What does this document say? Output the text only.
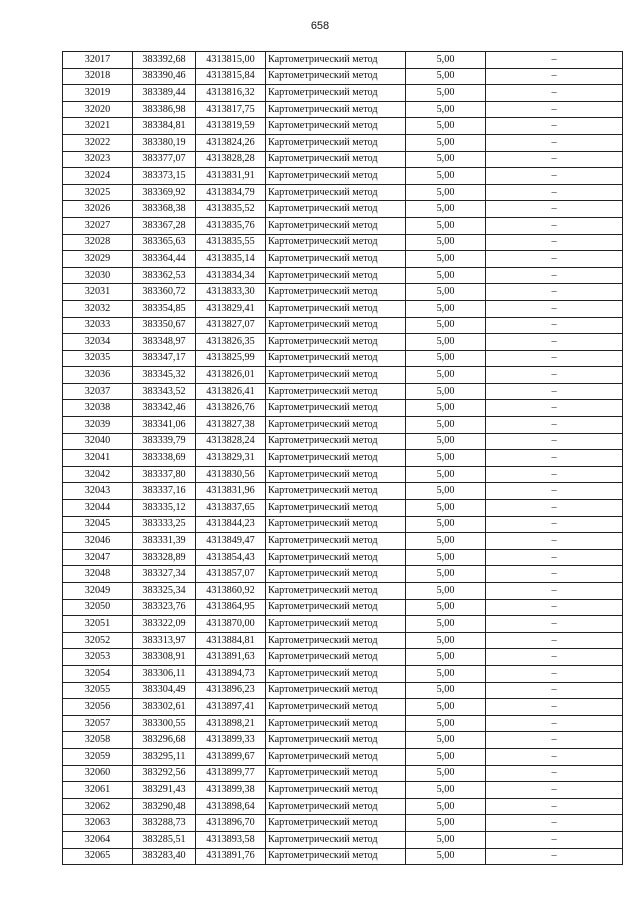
658
32017	383392,68	4313815,00	Картометрический метод	5,00	–
32018	383390,46	4313815,84	Картометрический метод	5,00	–
32019	383389,44	4313816,32	Картометрический метод	5,00	–
32020	383386,98	4313817,75	Картометрический метод	5,00	–
32021	383384,81	4313819,59	Картометрический метод	5,00	–
32022	383380,19	4313824,26	Картометрический метод	5,00	–
32023	383377,07	4313828,28	Картометрический метод	5,00	–
32024	383373,15	4313831,91	Картометрический метод	5,00	–
32025	383369,92	4313834,79	Картометрический метод	5,00	–
32026	383368,38	4313835,52	Картометрический метод	5,00	–
32027	383367,28	4313835,76	Картометрический метод	5,00	–
32028	383365,63	4313835,55	Картометрический метод	5,00	–
32029	383364,44	4313835,14	Картометрический метод	5,00	–
32030	383362,53	4313834,34	Картометрический метод	5,00	–
32031	383360,72	4313833,30	Картометрический метод	5,00	–
32032	383354,85	4313829,41	Картометрический метод	5,00	–
32033	383350,67	4313827,07	Картометрический метод	5,00	–
32034	383348,97	4313826,35	Картометрический метод	5,00	–
32035	383347,17	4313825,99	Картометрический метод	5,00	–
32036	383345,32	4313826,01	Картометрический метод	5,00	–
32037	383343,52	4313826,41	Картометрический метод	5,00	–
32038	383342,46	4313826,76	Картометрический метод	5,00	–
32039	383341,06	4313827,38	Картометрический метод	5,00	–
32040	383339,79	4313828,24	Картометрический метод	5,00	–
32041	383338,69	4313829,31	Картометрический метод	5,00	–
32042	383337,80	4313830,56	Картометрический метод	5,00	–
32043	383337,16	4313831,96	Картометрический метод	5,00	–
32044	383335,12	4313837,65	Картометрический метод	5,00	–
32045	383333,25	4313844,23	Картометрический метод	5,00	–
32046	383331,39	4313849,47	Картометрический метод	5,00	–
32047	383328,89	4313854,43	Картометрический метод	5,00	–
32048	383327,34	4313857,07	Картометрический метод	5,00	–
32049	383325,34	4313860,92	Картометрический метод	5,00	–
32050	383323,76	4313864,95	Картометрический метод	5,00	–
32051	383322,09	4313870,00	Картометрический метод	5,00	–
32052	383313,97	4313884,81	Картометрический метод	5,00	–
32053	383308,91	4313891,63	Картометрический метод	5,00	–
32054	383306,11	4313894,73	Картометрический метод	5,00	–
32055	383304,49	4313896,23	Картометрический метод	5,00	–
32056	383302,61	4313897,41	Картометрический метод	5,00	–
32057	383300,55	4313898,21	Картометрический метод	5,00	–
32058	383296,68	4313899,33	Картометрический метод	5,00	–
32059	383295,11	4313899,67	Картометрический метод	5,00	–
32060	383292,56	4313899,77	Картометрический метод	5,00	–
32061	383291,43	4313899,38	Картометрический метод	5,00	–
32062	383290,48	4313898,64	Картометрический метод	5,00	–
32063	383288,73	4313896,70	Картометрический метод	5,00	–
32064	383285,51	4313893,58	Картометрический метод	5,00	–
32065	383283,40	4313891,76	Картометрический метод	5,00	–
